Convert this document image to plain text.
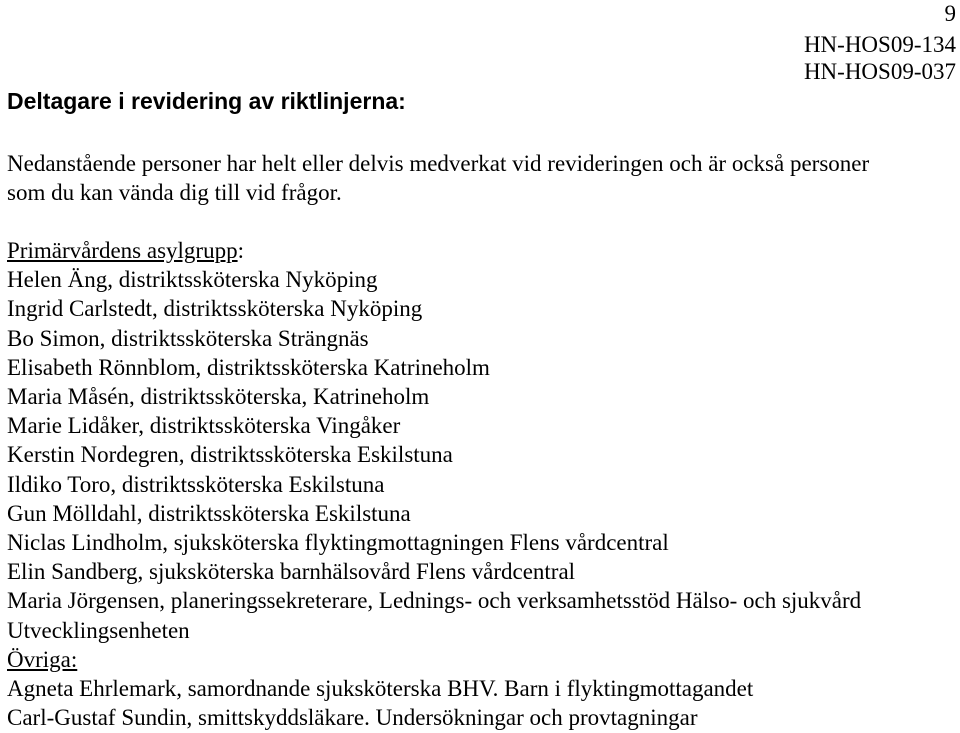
9
HN-HOS09-134
HN-HOS09-037
Deltagare i revidering av riktlinjerna:
Nedanstående personer har helt eller delvis medverkat vid revideringen och är också personer
som du kan vända dig till vid frågor.
Primärvårdens asylgrupp:
Helen Äng, distriktssköterska Nyköping
Ingrid Carlstedt, distriktssköterska Nyköping
Bo Simon, distriktssköterska Strängnäs
Elisabeth Rönnblom, distriktssköterska Katrineholm
Maria Måsén, distriktssköterska, Katrineholm
Marie Lidåker, distriktssköterska Vingåker
Kerstin Nordegren, distriktssköterska Eskilstuna
Ildiko Toro, distriktssköterska Eskilstuna
Gun Mölldahl, distriktssköterska Eskilstuna
Niclas Lindholm, sjuksköterska flyktingmottagningen Flens vårdcentral
Elin Sandberg, sjuksköterska barnhälsovård Flens vårdcentral
Maria Jörgensen, planeringssekreterare, Lednings- och verksamhetsstöd Hälso- och sjukvård
Utvecklingsenheten
Övriga:
Agneta Ehrlemark, samordnande sjuksköterska BHV. Barn i flyktingmottagandet
Carl-Gustaf Sundin, smittskyddsläkare. Undersökningar och provtagningar
